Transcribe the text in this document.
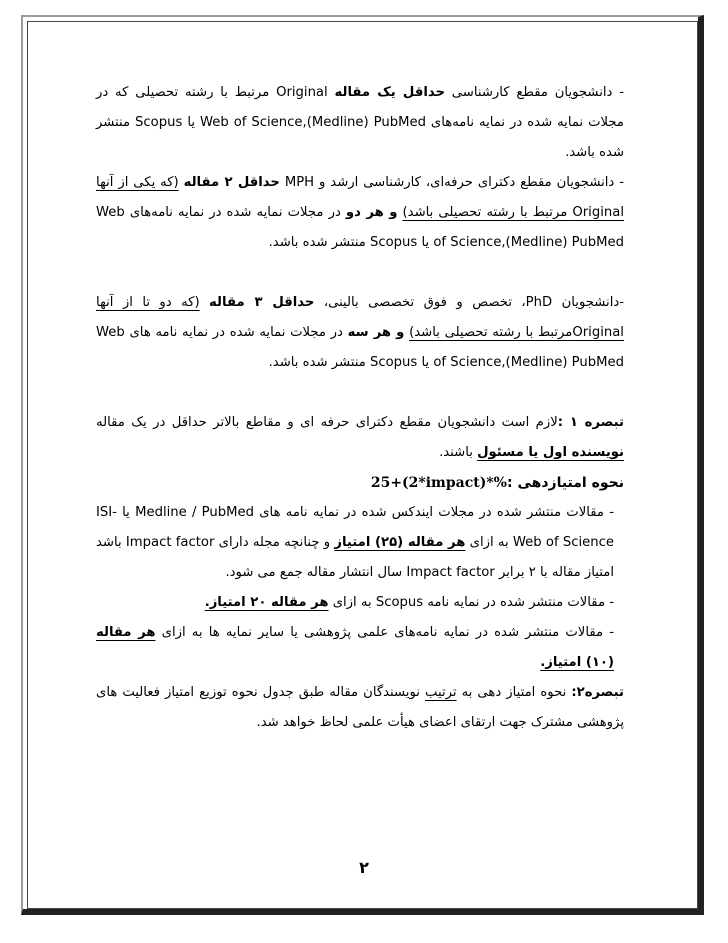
- دانشجویان مقطع کارشناسی حداقل یک مقاله Original مرتبط با رشته تحصیلی که در مجلات نمایه شده در نمایه نامه‌های Web of Science,(Medline) PubMed یا Scopus منتشر شده باشد.

- دانشجویان مقطع دکترای حرفه‌ای، کارشناسی ارشد و MPH حداقل ۲ مقاله (که یکی از آنها Original مرتبط با رشته تحصیلی باشد) و هر دو در مجلات نمایه شده در نمایه نامه‌های Web of Science,(Medline) PubMed یا Scopus منتشر شده باشد.

-دانشجویان PhD، تخصص و فوق تخصصی بالینی، حداقل ۳ مقاله (که دو تا از آنها Originalمرتبط با رشته تحصیلی باشد) و هر سه در مجلات نمایه شده در نمایه نامه های Web of Science,(Medline) PubMed یا Scopus منتشر شده باشد.

تبصره ۱ :لازم است دانشجویان مقطع دکترای حرفه ای و مقاطع بالاتر حداقل در یک مقاله نویسنده اول یا مسئول باشند.

نحوه امتیازدهی :25+(2*impact)*%

- مقالات منتشر شده در مجلات ایندکس شده در نمایه نامه های Medline / PubMed یا ISI-Web of Science به ازای هر مقاله (۲۵) امتیاز و چنانچه مجله دارای Impact factor باشد امتیاز مقاله با ۲ برابر Impact factor سال انتشار مقاله جمع می شود.

- مقالات منتشر شده در نمایه نامه Scopus به ازای هر مقاله ۲۰ امتیاز.

- مقالات منتشر شده در نمایه نامه‌های علمی پژوهشی یا سایر نمایه ها به ازای هر مقاله (۱۰) امتیاز.

تبصره۲: نحوه امتیاز دهی به ترتیب نویسندگان مقاله طبق جدول نحوه توزیع امتیاز فعالیت های پژوهشی مشترک جهت ارتقای اعضای هیأت علمی لحاظ خواهد شد.

۲
